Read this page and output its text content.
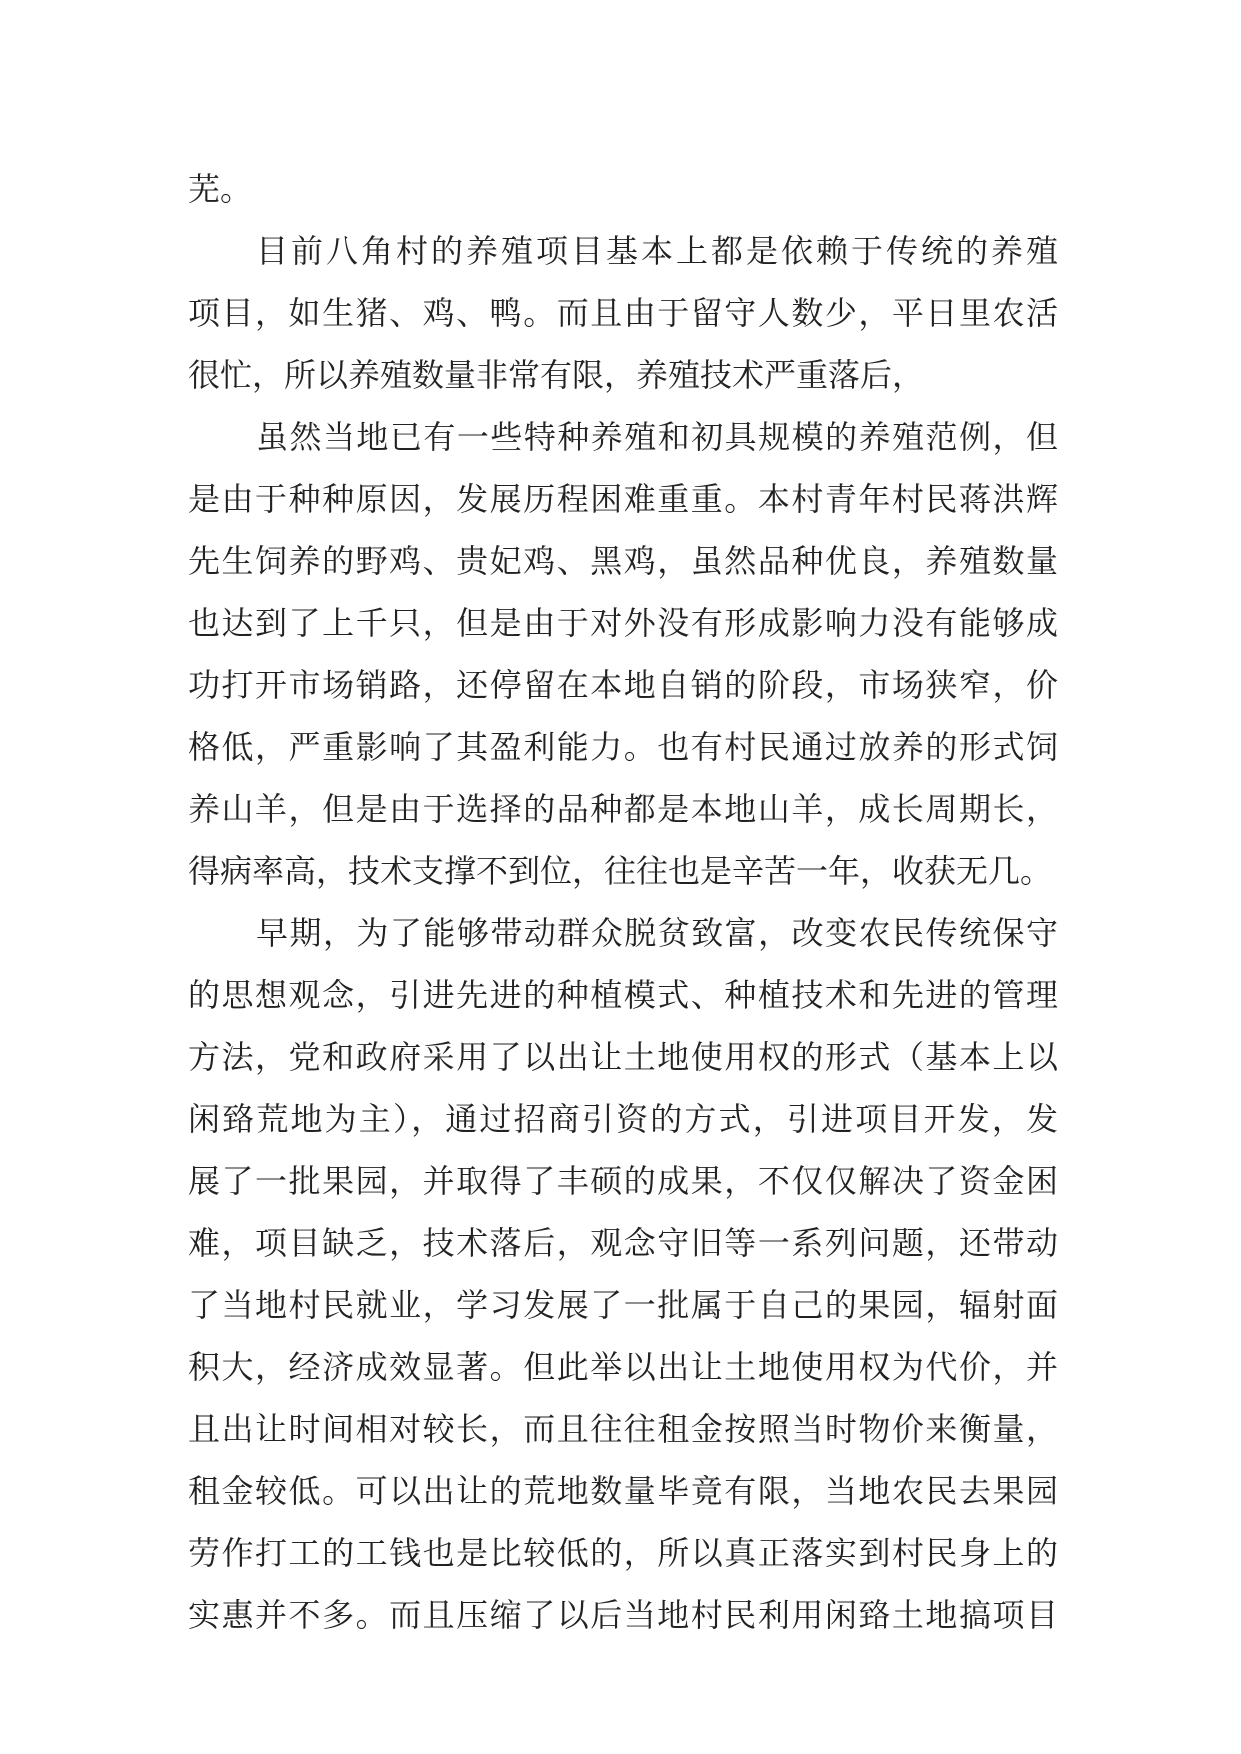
芜。
目前八角村的养殖项目基本上都是依赖于传统的养殖
项目，如生猪、鸡、鸭。而且由于留守人数少，平日里农活
很忙，所以养殖数量非常有限，养殖技术严重落后，
虽然当地已有一些特种养殖和初具规模的养殖范例，但
是由于种种原因，发展历程困难重重。本村青年村民蒋洪辉
先生饲养的野鸡、贵妃鸡、黑鸡，虽然品种优良，养殖数量
也达到了上千只，但是由于对外没有形成影响力没有能够成
功打开市场销路，还停留在本地自销的阶段，市场狭窄，价
格低，严重影响了其盈利能力。也有村民通过放养的形式饲
养山羊，但是由于选择的品种都是本地山羊，成长周期长，
得病率高，技术支撑不到位，往往也是辛苦一年，收获无几。
早期，为了能够带动群众脱贫致富，改变农民传统保守
的思想观念，引进先进的种植模式、种植技术和先进的管理
方法，党和政府采用了以出让土地使用权的形式（基本上以
闲臵荒地为主），通过招商引资的方式，引进项目开发，发
展了一批果园，并取得了丰硕的成果，不仅仅解决了资金困
难，项目缺乏，技术落后，观念守旧等一系列问题，还带动
了当地村民就业，学习发展了一批属于自己的果园，辐射面
积大，经济成效显著。但此举以出让土地使用权为代价，并
且出让时间相对较长，而且往往租金按照当时物价来衡量，
租金较低。可以出让的荒地数量毕竟有限，当地农民去果园
劳作打工的工钱也是比较低的，所以真正落实到村民身上的
实惠并不多。而且压缩了以后当地村民利用闲臵土地搞项目
